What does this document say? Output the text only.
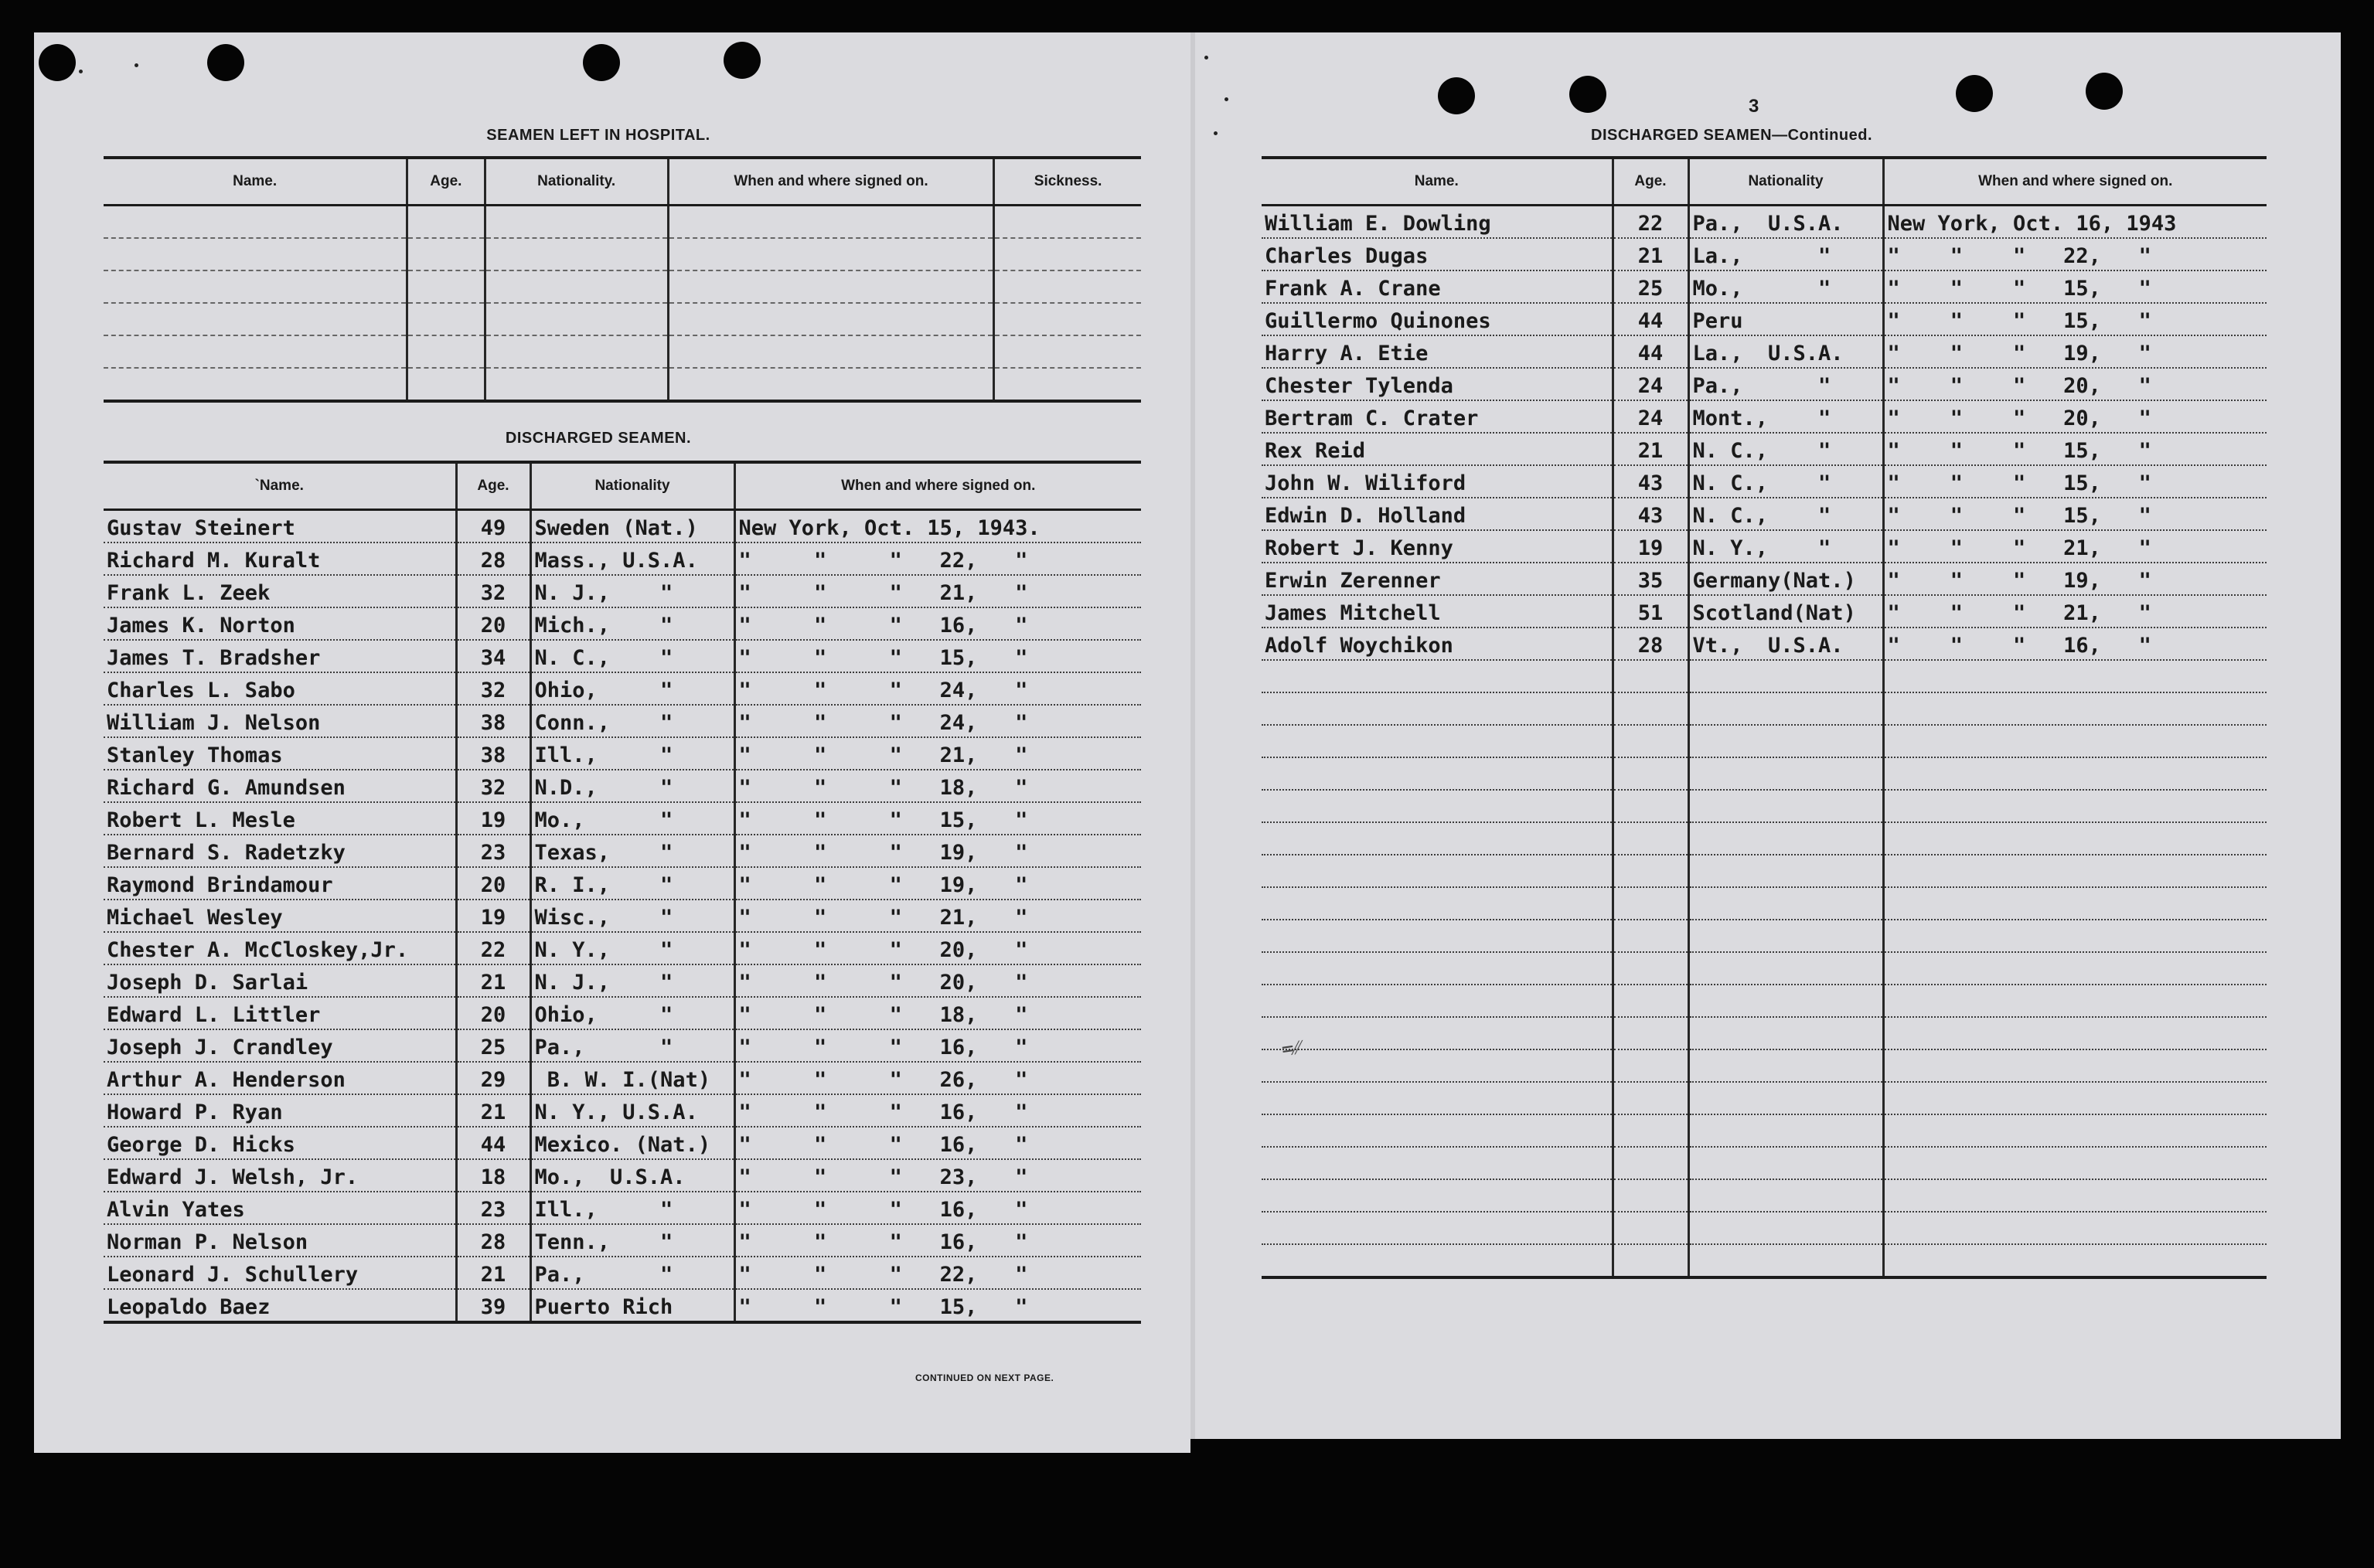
SEAMEN LEFT IN HOSPITAL.
Name.	Age.	Nationality.	When and where signed on.	Sickness.

DISCHARGED SEAMEN.
`Name.	Age.	Nationality	When and where signed on.
Gustav Steinert	49	Sweden (Nat.)	New York, Oct. 15, 1943.
Richard M. Kuralt	28	Mass., U.S.A.	"     "     "   22,   "
Frank L. Zeek	32	N. J.,    "	"     "     "   21,   "
James K. Norton	20	Mich.,    "	"     "     "   16,   "
James T. Bradsher	34	N. C.,    "	"     "     "   15,   "
Charles L. Sabo	32	Ohio,     "	"     "     "   24,   "
William J. Nelson	38	Conn.,    "	"     "     "   24,   "
Stanley Thomas	38	Ill.,     "	"     "     "   21,   "
Richard G. Amundsen	32	N.D.,     "	"     "     "   18,   "
Robert L. Mesle	19	Mo.,      "	"     "     "   15,   "
Bernard S. Radetzky	23	Texas,    "	"     "     "   19,   "
Raymond Brindamour	20	R. I.,    "	"     "     "   19,   "
Michael Wesley	19	Wisc.,    "	"     "     "   21,   "
Chester A. McCloskey,Jr.	22	N. Y.,    "	"     "     "   20,   "
Joseph D. Sarlai	21	N. J.,    "	"     "     "   20,   "
Edward L. Littler	20	Ohio,     "	"     "     "   18,   "
Joseph J. Crandley	25	Pa.,      "	"     "     "   16,   "
Arthur A. Henderson	29	B. W. I.(Nat)	"     "     "   26,   "
Howard P. Ryan	21	N. Y., U.S.A.	"     "     "   16,   "
George D. Hicks	44	Mexico. (Nat.)	"     "     "   16,   "
Edward J. Welsh, Jr.	18	Mo.,  U.S.A.	"     "     "   23,   "
Alvin Yates	23	Ill.,     "	"     "     "   16,   "
Norman P. Nelson	28	Tenn.,    "	"     "     "   16,   "
Leonard J. Schullery	21	Pa.,      "	"     "     "   22,   "
Leopaldo Baez	39	Puerto Rich	"     "     "   15,   "
CONTINUED ON NEXT PAGE.
3
DISCHARGED SEAMEN—Continued.
Name.	Age.	Nationality	When and where signed on.
William E. Dowling	22	Pa.,  U.S.A.	New York, Oct. 16, 1943
Charles Dugas	21	La.,      "	"    "    "   22,   "
Frank A. Crane	25	Mo.,      "	"    "    "   15,   "
Guillermo Quinones	44	Peru	"    "    "   15,   "
Harry A. Etie	44	La.,  U.S.A.	"    "    "   19,   "
Chester Tylenda	24	Pa.,      "	"    "    "   20,   "
Bertram C. Crater	24	Mont.,    "	"    "    "   20,   "
Rex Reid	21	N. C.,    "	"    "    "   15,   "
John W. Wiliford	43	N. C.,    "	"    "    "   15,   "
Edwin D. Holland	43	N. C.,    "	"    "    "   15,   "
Robert J. Kenny	19	N. Y.,    "	"    "    "   21,   "
Erwin Zerenner	35	Germany(Nat.)	"    "    "   19,   "
James Mitchell	51	Scotland(Nat)	"    "    "   21,   "
Adolf Woychikon	28	Vt.,  U.S.A.	"    "    "   16,   "

=⁄⁄
